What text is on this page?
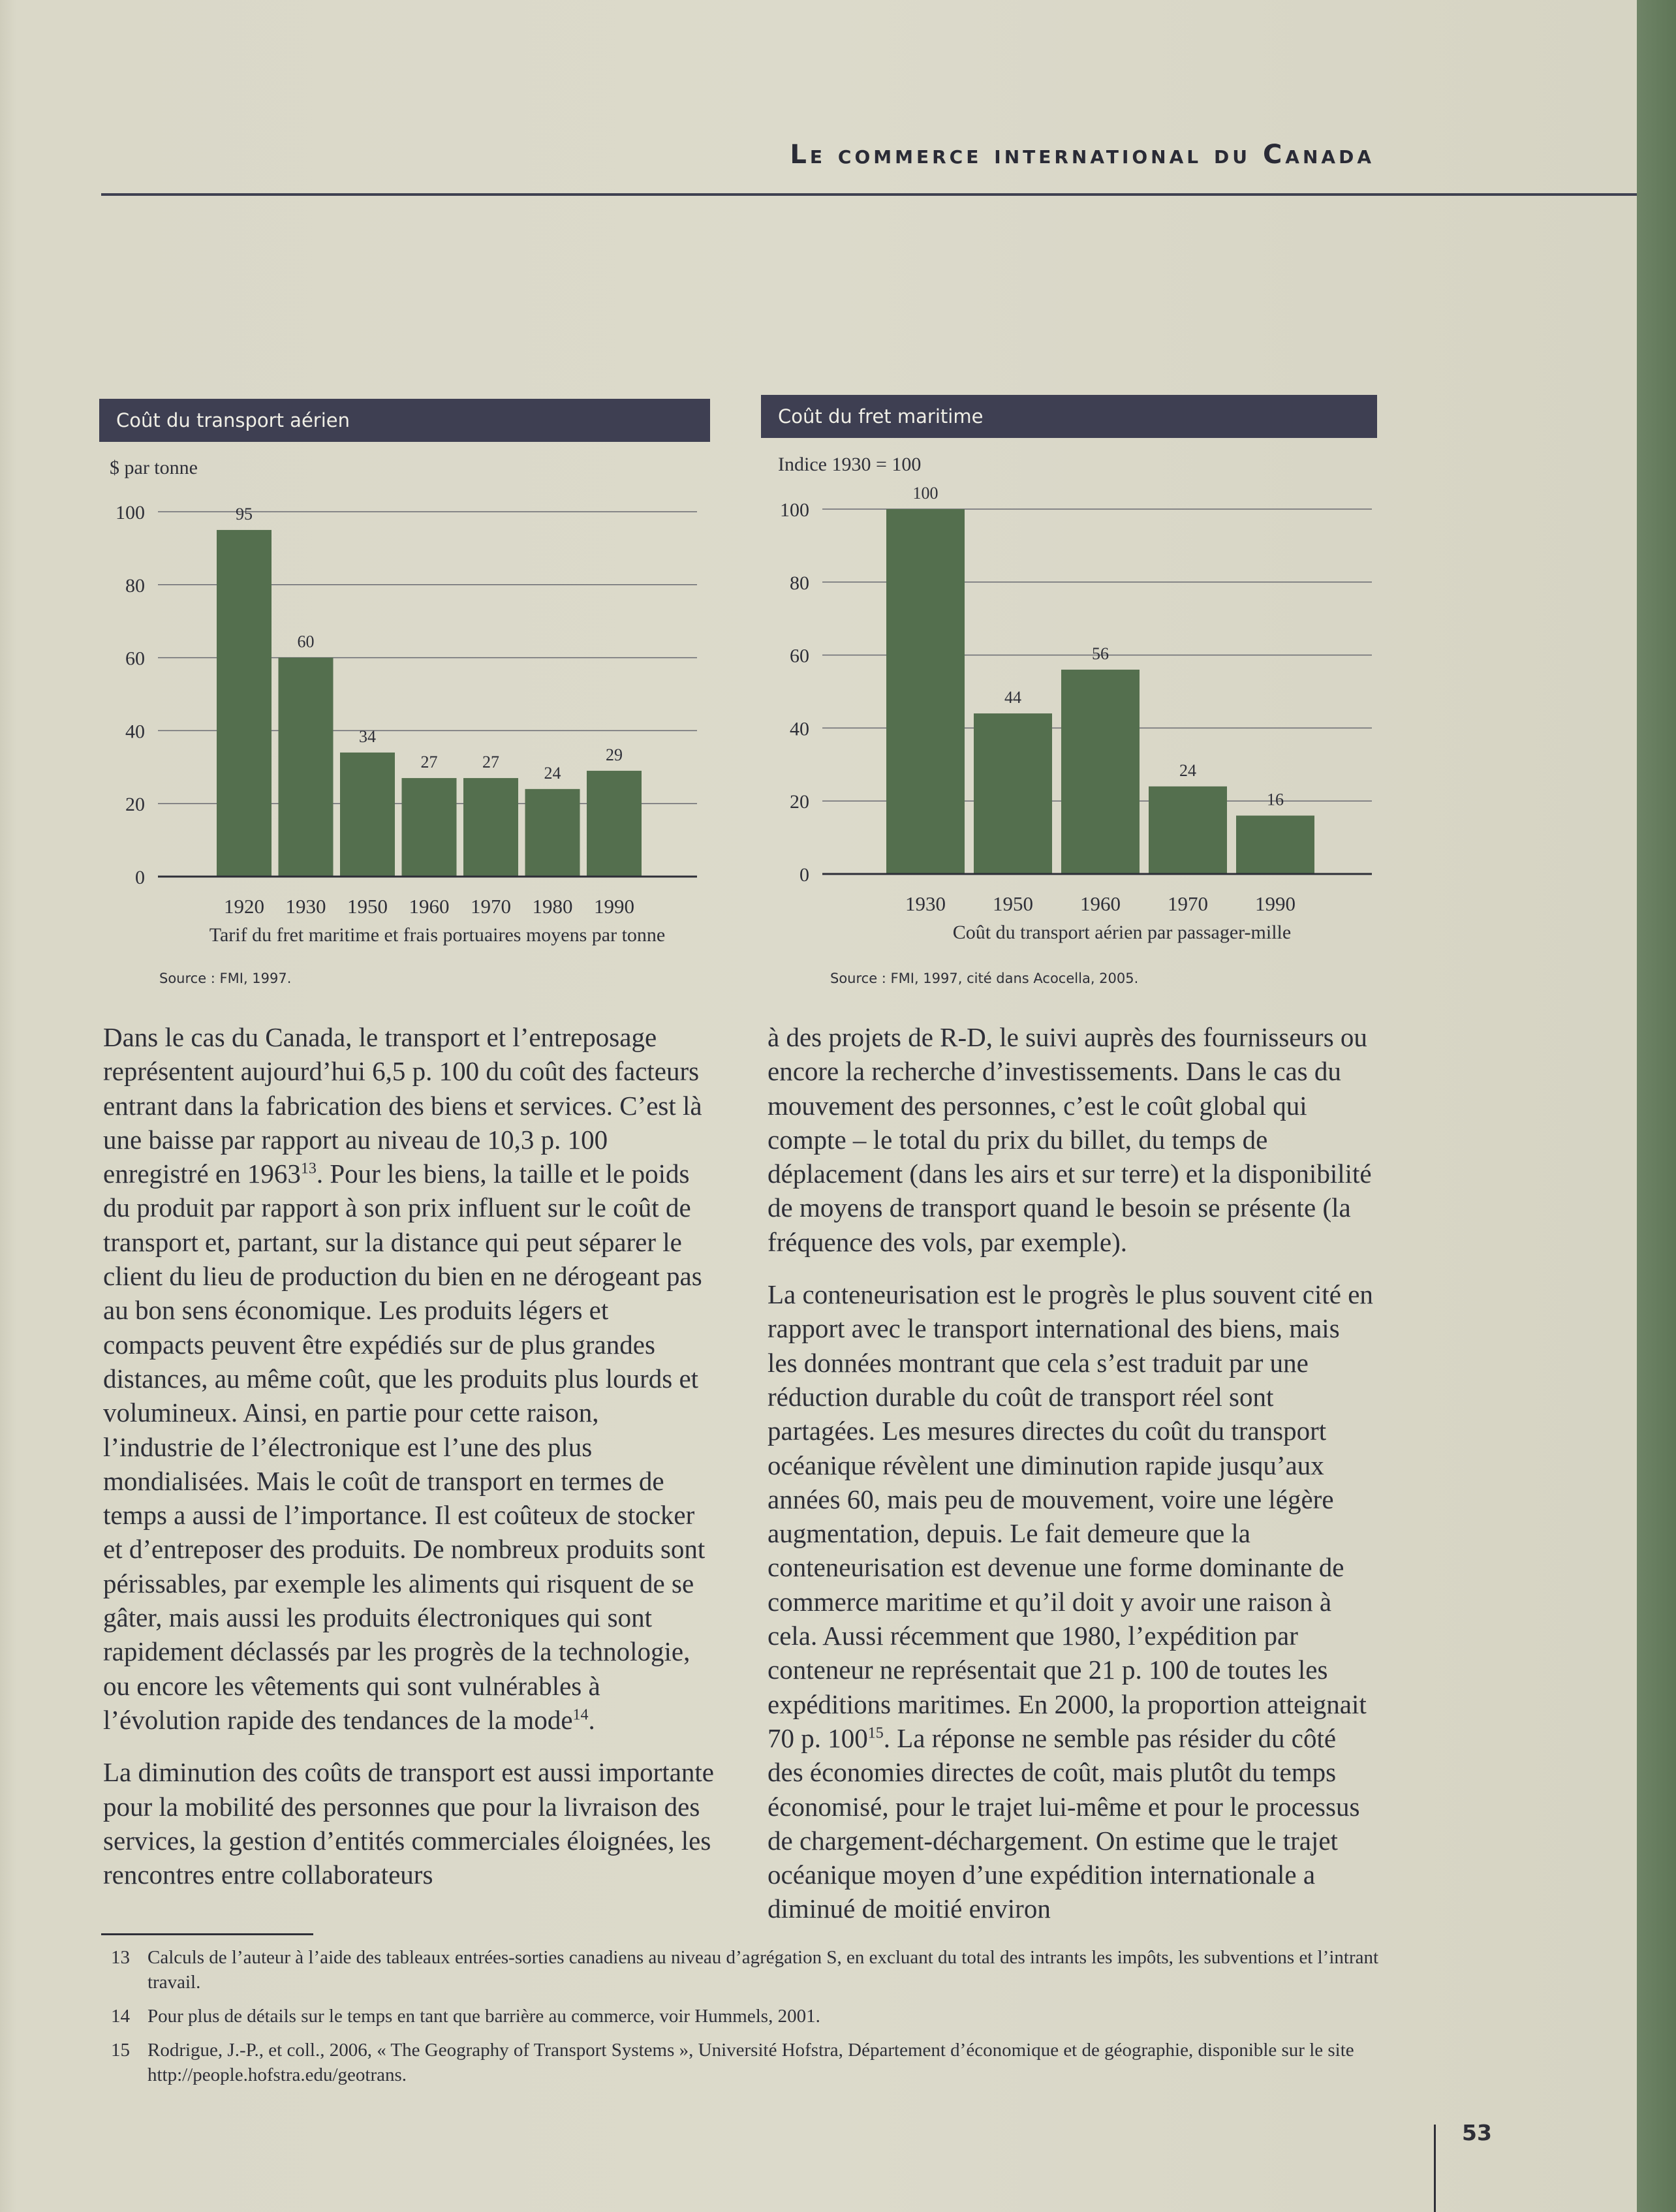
Le commerce international du Canada
Coût du transport aérien
$ par tonne
0
20
40
60
80
100	95
1920
60
1930
34
1950
27
1960
27
1970
24
1980
29
1990
Tarif du fret maritime et frais portuaires moyens par tonne
Source : FMI, 1997.
Coût du fret maritime
Indice 1930 = 100
0
20
40
60
80
100
100
1930
44
1950
56
1960
24
1970
16
1990
Coût du transport aérien par passager-mille
Source : FMI, 1997, cité dans Acocella, 2005.

Dans le cas du Canada, le transport et l’entreposage représentent aujourd’hui 6,5 p. 100 du coût des facteurs entrant dans la fabrication des biens et services. C’est là une baisse par rapport au niveau de 10,3 p. 100 enregistré en 1963$^{13}$. Pour les biens, la taille et le poids du produit par rapport à son prix influent sur le coût de transport et, partant, sur la distance qui peut séparer le client du lieu de production du bien en ne dérogeant pas au bon sens économique. Les produits légers et compacts peuvent être expédiés sur de plus grandes distances, au même coût, que les produits plus lourds et volumineux. Ainsi, en partie pour cette raison, l’industrie de l’électronique est l’une des plus mondialisées. Mais le coût de transport en termes de temps a aussi de l’importance. Il est coûteux de stocker et d’entreposer des produits. De nombreux produits sont périssables, par exemple les aliments qui risquent de se gâter, mais aussi les produits électroniques qui sont rapidement déclassés par les progrès de la technologie, ou encore les vêtements qui sont vulnérables à l’évolution rapide des tendances de la mode$^{14}$.

La diminution des coûts de transport est aussi importante pour la mobilité des personnes que pour la livraison des services, la gestion d’entités commerciales éloignées, les rencontres entre collaborateurs

à des projets de R-D, le suivi auprès des fournisseurs ou encore la recherche d’investissements. Dans le cas du mouvement des personnes, c’est le coût global qui compte – le total du prix du billet, du temps de déplacement (dans les airs et sur terre) et la disponibilité de moyens de transport quand le besoin se présente (la fréquence des vols, par exemple).

La conteneurisation est le progrès le plus souvent cité en rapport avec le transport international des biens, mais les données montrant que cela s’est traduit par une réduction durable du coût de transport réel sont partagées. Les mesures directes du coût du transport océanique révèlent une diminution rapide jusqu’aux années 60, mais peu de mouvement, voire une légère augmentation, depuis. Le fait demeure que la conteneurisation est devenue une forme dominante de commerce maritime et qu’il doit y avoir une raison à cela. Aussi récemment que 1980, l’expédition par conteneur ne représentait que 21 p. 100 de toutes les expéditions maritimes. En 2000, la proportion atteignait 70 p. $100^{15}$. La réponse ne semble pas résider du côté des économies directes de coût, mais plutôt du temps économisé, pour le trajet lui-même et pour le processus de chargement-déchargement. On estime que le trajet océanique moyen d’une expédition internationale a diminué de moitié environ

13 Calculs de l’auteur à l’aide des tableaux entrées-sorties canadiens au niveau d’agrégation S, en excluant du total des intrants les impôts, les subventions et l’intrant travail.
14 Pour plus de détails sur le temps en tant que barrière au commerce, voir Hummels, 2001.
15 Rodrigue, J.-P., et coll., 2006, « The Geography of Transport Systems », Université Hofstra, Département d’économique et de géographie, disponible sur le site http://people.hofstra.edu/geotrans.
53
